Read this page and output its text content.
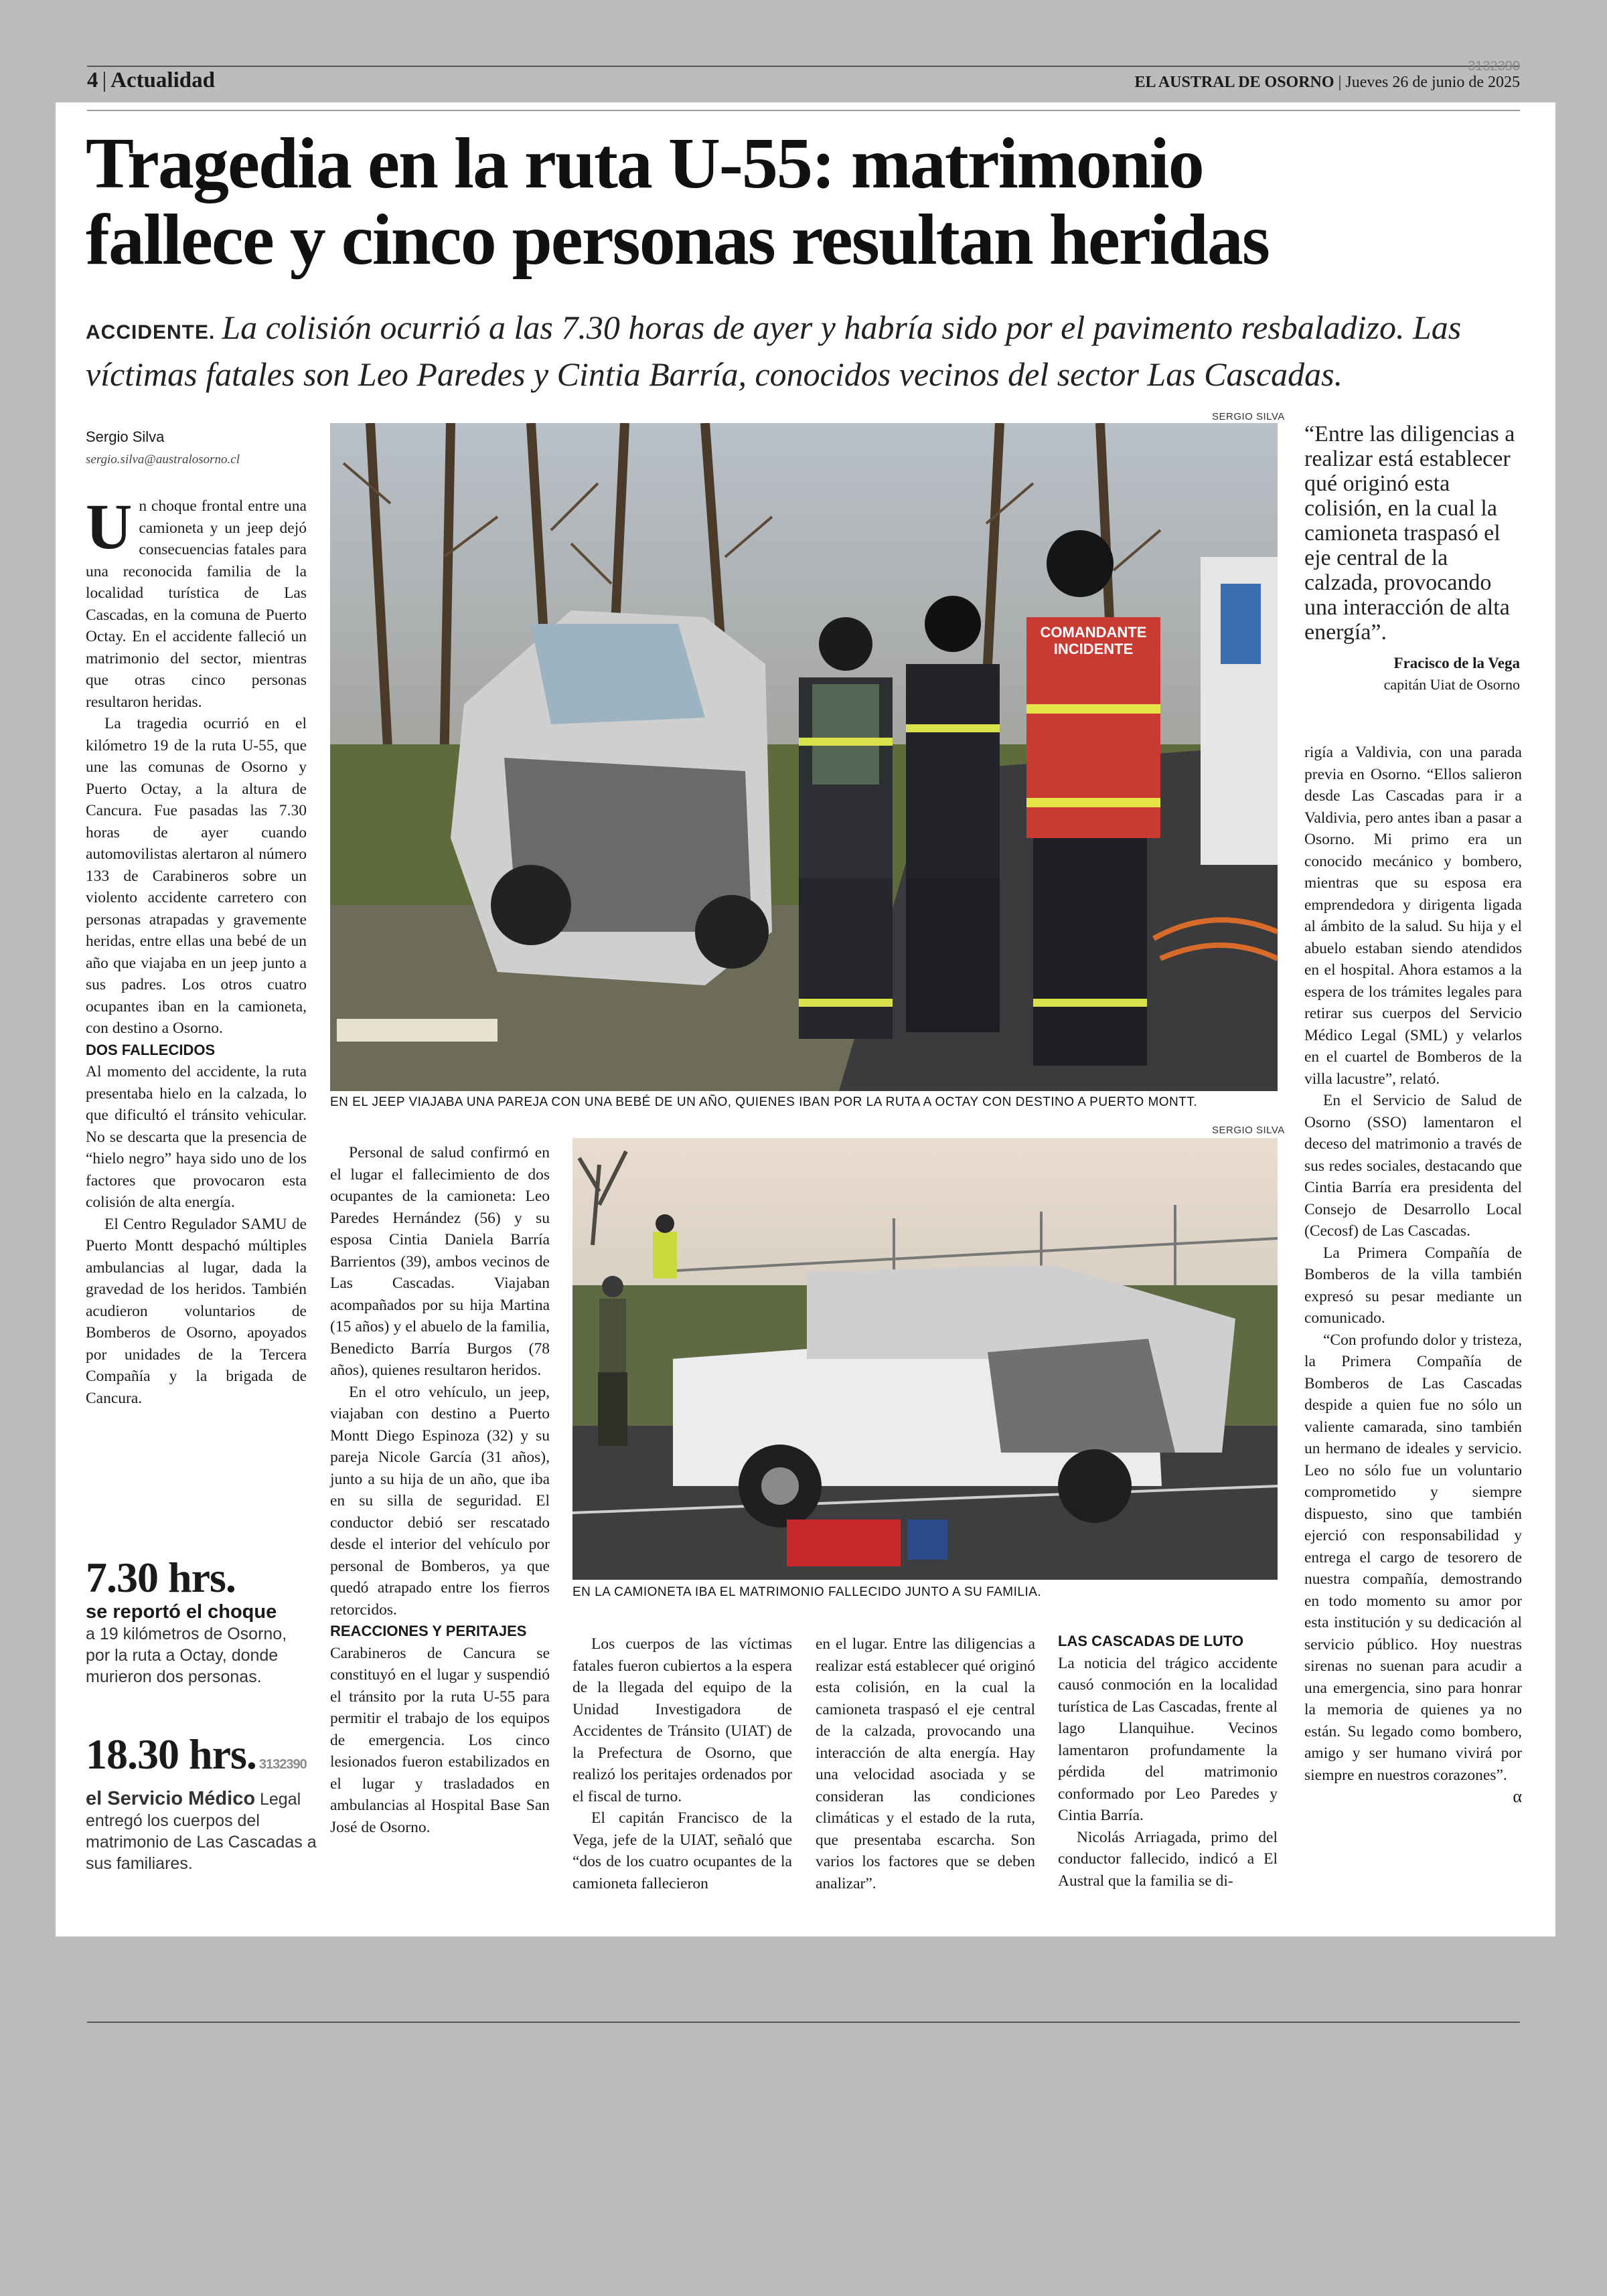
3132390
4 | Actualidad	EL AUSTRAL DE OSORNO | Jueves 26 de junio de 2025
Tragedia en la ruta U-55: matrimonio
fallece y cinco personas resultan heridas
ACCIDENTE. La colisión ocurrió a las 7.30 horas de ayer y habría sido por el pavimento resbaladizo. Las víctimas fatales son Leo Paredes y Cintia Barría, conocidos vecinos del sector Las Cascadas.
Sergio Silva
sergio.silva@australosorno.cl

Un choque frontal entre una camioneta y un jeep dejó consecuencias fatales para una reconocida familia de la localidad turística de Las Cascadas, en la comuna de Puerto Octay. En el accidente falleció un matrimonio del sector, mientras que otras cinco personas resultaron heridas.

La tragedia ocurrió en el kilómetro 19 de la ruta U-55, que une las comunas de Osorno y Puerto Octay, a la altura de Cancura. Fue pasadas las 7.30 horas de ayer cuando automovilistas alertaron al número 133 de Carabineros sobre un violento accidente carretero con personas atrapadas y gravemente heridas, entre ellas una bebé de un año que viajaba en un jeep junto a sus padres. Los otros cuatro ocupantes iban en la camioneta, con destino a Osorno.

DOS FALLECIDOS

Al momento del accidente, la ruta presentaba hielo en la calzada, lo que dificultó el tránsito vehicular. No se descarta que la presencia de “hielo negro” haya sido uno de los factores que provocaron esta colisión de alta energía.

El Centro Regulador SAMU de Puerto Montt despachó múltiples ambulancias al lugar, dada la gravedad de los heridos. También acudieron voluntarios de Bomberos de Osorno, apoyados por unidades de la Tercera Compañía y la brigada de Cancura.

7.30 hrs.
se reportó el choque
a 19 kilómetros de Osorno, por la ruta a Octay, donde murieron dos personas.
18.30 hrs. 3132390
el Servicio Médico Legal entregó los cuerpos del matrimonio de Las Cascadas a sus familiares.
SERGIO SILVA
COMANDANTE
INCIDENTE
EN EL JEEP VIAJABA UNA PAREJA CON UNA BEBÉ DE UN AÑO, QUIENES IBAN POR LA RUTA A OCTAY CON DESTINO A PUERTO MONTT.
SERGIO SILVA
EN LA CAMIONETA IBA EL MATRIMONIO FALLECIDO JUNTO A SU FAMILIA.

Personal de salud confirmó en el lugar el fallecimiento de dos ocupantes de la camioneta: Leo Paredes Hernández (56) y su esposa Cintia Daniela Barría Barrientos (39), ambos vecinos de Las Cascadas. Viajaban acompañados por su hija Martina (15 años) y el abuelo de la familia, Benedicto Barría Burgos (78 años), quienes resultaron heridos.

En el otro vehículo, un jeep, viajaban con destino a Puerto Montt Diego Espinoza (32) y su pareja Nicole García (31 años), junto a su hija de un año, que iba en su silla de seguridad. El conductor debió ser rescatado desde el interior del vehículo por personal de Bomberos, ya que quedó atrapado entre los fierros retorcidos.

REACCIONES Y PERITAJES

Carabineros de Cancura se constituyó en el lugar y suspendió el tránsito por la ruta U-55 para permitir el trabajo de los equipos de emergencia. Los cinco lesionados fueron estabilizados en el lugar y trasladados en ambulancias al Hospital Base San José de Osorno.

Los cuerpos de las víctimas fatales fueron cubiertos a la espera de la llegada del equipo de la Unidad Investigadora de Accidentes de Tránsito (UIAT) de la Prefectura de Osorno, que realizó los peritajes ordenados por el fiscal de turno.

El capitán Francisco de la Vega, jefe de la UIAT, señaló que “dos de los cuatro ocupantes de la camioneta fallecieron

en el lugar. Entre las diligencias a realizar está establecer qué originó esta colisión, en la cual la camioneta traspasó el eje central de la calzada, provocando una interacción de alta energía. Hay una velocidad asociada y se consideran las condiciones climáticas y el estado de la ruta, que presentaba escarcha. Son varios los factores que se deben analizar”.

LAS CASCADAS DE LUTO

La noticia del trágico accidente causó conmoción en la localidad turística de Las Cascadas, frente al lago Llanquihue. Vecinos lamentaron profundamente la pérdida del matrimonio conformado por Leo Paredes y Cintia Barría.

Nicolás Arriagada, primo del conductor fallecido, indicó a El Austral que la familia se di-

“Entre las diligencias a realizar está establecer qué originó esta colisión, en la cual la camioneta traspasó el eje central de la calzada, provocando una interacción de alta energía”.
Fracisco de la Vega
capitán Uiat de Osorno

rigía a Valdivia, con una parada previa en Osorno. “Ellos salieron desde Las Cascadas para ir a Valdivia, pero antes iban a pasar a Osorno. Mi primo era un conocido mecánico y bombero, mientras que su esposa era emprendedora y dirigenta ligada al ámbito de la salud. Su hija y el abuelo estaban siendo atendidos en el hospital. Ahora estamos a la espera de los trámites legales para retirar sus cuerpos del Servicio Médico Legal (SML) y velarlos en el cuartel de Bomberos de la villa lacustre”, relató.

En el Servicio de Salud de Osorno (SSO) lamentaron el deceso del matrimonio a través de sus redes sociales, destacando que Cintia Barría era presidenta del Consejo de Desarrollo Local (Cecosf) de Las Cascadas.

La Primera Compañía de Bomberos de la villa también expresó su pesar mediante un comunicado.

“Con profundo dolor y tristeza, la Primera Compañía de Bomberos de Las Cascadas despide a quien fue no sólo un valiente camarada, sino también un hermano de ideales y servicio. Leo no sólo fue un voluntario comprometido y siempre dispuesto, sino que también ejerció con responsabilidad y entrega el cargo de tesorero de nuestra compañía, demostrando en todo momento su amor por esta institución y su dedicación al servicio público. Hoy nuestras sirenas no suenan para acudir a una emergencia, sino para honrar la memoria de quienes ya no están. Su legado como bombero, amigo y ser humano vivirá por siempre en nuestros corazones”.
α
